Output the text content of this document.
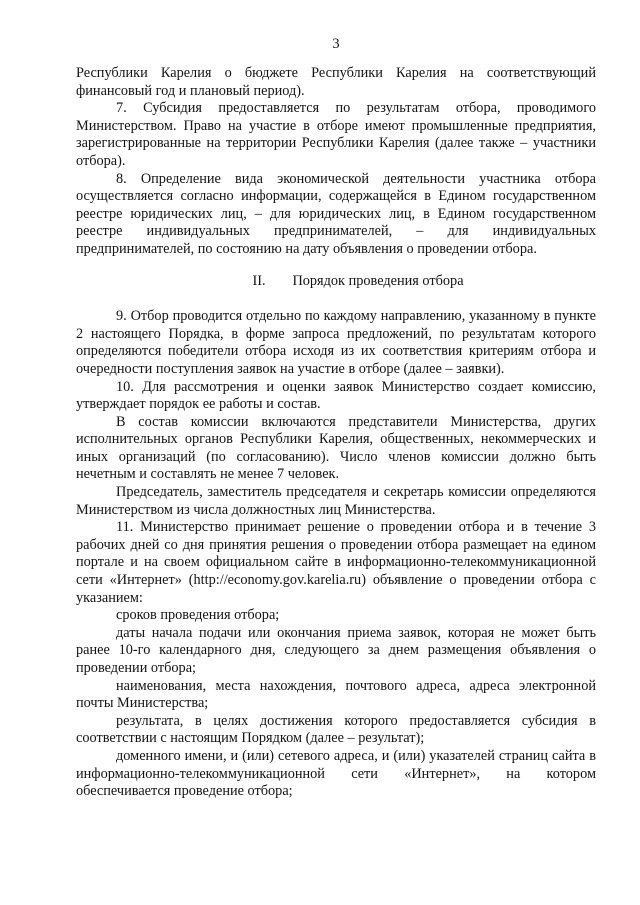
3

Республики Карелия о бюджете Республики Карелия на соответствующий финансовый год и плановый период).

7. Субсидия предоставляется по результатам отбора, проводимого Министерством. Право на участие в отборе имеют промышленные предприятия, зарегистрированные на территории Республики Карелия (далее также – участники отбора).

8. Определение вида экономической деятельности участника отбора осуществляется согласно информации, содержащейся в Едином государственном реестре юридических лиц, – для юридических лиц, в Едином государственном реестре индивидуальных предпринимателей, – для индивидуальных предпринимателей, по состоянию на дату объявления о проведении отбора.

II. Порядок проведения отбора

9. Отбор проводится отдельно по каждому направлению, указанному в пункте 2 настоящего Порядка, в форме запроса предложений, по результатам которого определяются победители отбора исходя из их соответствия критериям отбора и очередности поступления заявок на участие в отборе (далее – заявки).

10. Для рассмотрения и оценки заявок Министерство создает комиссию, утверждает порядок ее работы и состав.

В состав комиссии включаются представители Министерства, других исполнительных органов Республики Карелия, общественных, некоммерческих и иных организаций (по согласованию). Число членов комиссии должно быть нечетным и составлять не менее 7 человек.

Председатель, заместитель председателя и секретарь комиссии определяются Министерством из числа должностных лиц Министерства.

11. Министерство принимает решение о проведении отбора и в течение 3 рабочих дней со дня принятия решения о проведении отбора размещает на едином портале и на своем официальном сайте в информационно-телекоммуникационной сети «Интернет» (http://economy.gov.karelia.ru) объявление о проведении отбора с указанием:

сроков проведения отбора;

даты начала подачи или окончания приема заявок, которая не может быть ранее 10-го календарного дня, следующего за днем размещения объявления о проведении отбора;

наименования, места нахождения, почтового адреса, адреса электронной почты Министерства;

результата, в целях достижения которого предоставляется субсидия в соответствии с настоящим Порядком (далее – результат);

доменного имени, и (или) сетевого адреса, и (или) указателей страниц сайта в информационно-телекоммуникационной сети «Интернет», на котором обеспечивается проведение отбора;
